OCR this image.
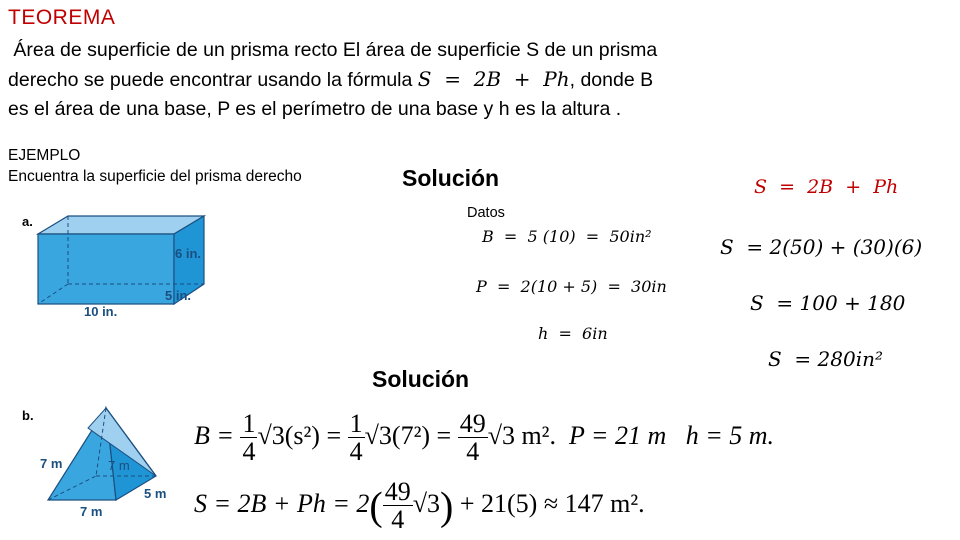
TEOREMA
Área de superficie de un prisma recto El área de superficie S de un prisma
derecho se puede encontrar usando la fórmula S  =  2B  +  Ph, donde B
es el área de una base, P es el perímetro de una base y h es la altura .
EJEMPLO
Encuentra la superficie del prisma derecho
a.
6 in.
5 in.
10 in.
Solución
Datos
B  =  5 (10)  =  50in²
P  =  2(10 + 5)  =  30in
h  =  6in
S  =  2B  +  Ph
S  = 2(50) + (30)(6)
S  = 100 + 180
S  = 280in²
b.
7 m	7 m
5 m
7 m
Solución
$B = \frac{1}{4} √3(s^2) = \frac{1}{4} √3(7^2) = \frac{49}{4} √3$ m². P = 21 m h = 5 m.
$S = 2B + Ph = 2( \frac{49}{4} √3) + 21(5) \approx 147$ m².
